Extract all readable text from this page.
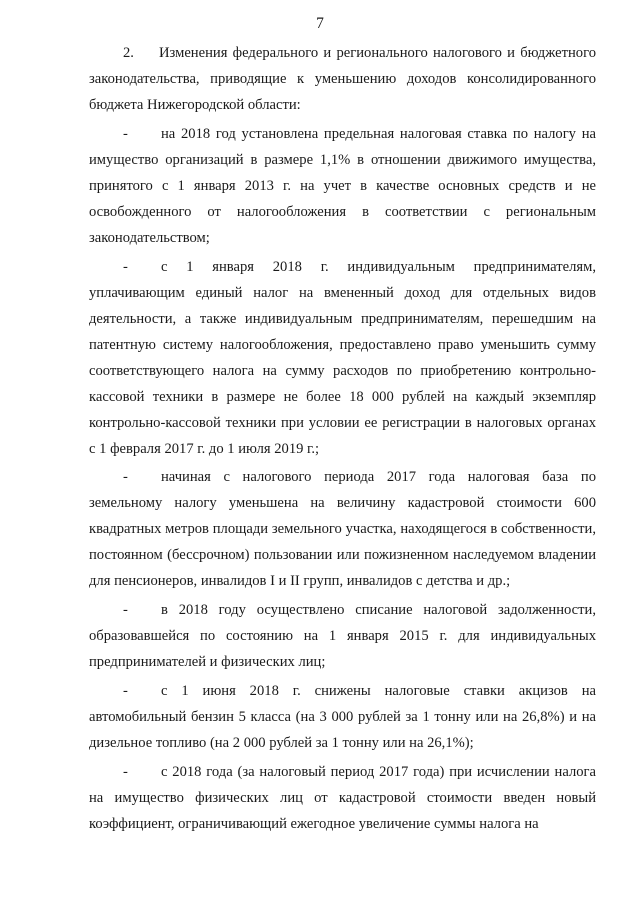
7

2. Изменения федерального и регионального налогового и бюджетного законодательства, приводящие к уменьшению доходов консолидированного бюджета Нижегородской области:

- на 2018 год установлена предельная налоговая ставка по налогу на имущество организаций в размере 1,1% в отношении движимого имущества, принятого с 1 января 2013 г. на учет в качестве основных средств и не освобожденного от налогообложения в соответствии с региональным законодательством;

- с 1 января 2018 г. индивидуальным предпринимателям, уплачивающим единый налог на вмененный доход для отдельных видов деятельности, а также индивидуальным предпринимателям, перешедшим на патентную систему налогообложения, предоставлено право уменьшить сумму соответствующего налога на сумму расходов по приобретению контрольно-кассовой техники в размере не более 18 000 рублей на каждый экземпляр контрольно-кассовой техники при условии ее регистрации в налоговых органах с 1 февраля 2017 г. до 1 июля 2019 г.;

- начиная с налогового периода 2017 года налоговая база по земельному налогу уменьшена на величину кадастровой стоимости 600 квадратных метров площади земельного участка, находящегося в собственности, постоянном (бессрочном) пользовании или пожизненном наследуемом владении для пенсионеров, инвалидов I и II групп, инвалидов с детства и др.;

- в 2018 году осуществлено списание налоговой задолженности, образовавшейся по состоянию на 1 января 2015 г. для индивидуальных предпринимателей и физических лиц;

- с 1 июня 2018 г. снижены налоговые ставки акцизов на автомобильный бензин 5 класса (на 3 000 рублей за 1 тонну или на 26,8%) и на дизельное топливо (на 2 000 рублей за 1 тонну или на 26,1%);

- с 2018 года (за налоговый период 2017 года) при исчислении налога на имущество физических лиц от кадастровой стоимости введен новый коэффициент, ограничивающий ежегодное увеличение суммы налога на
